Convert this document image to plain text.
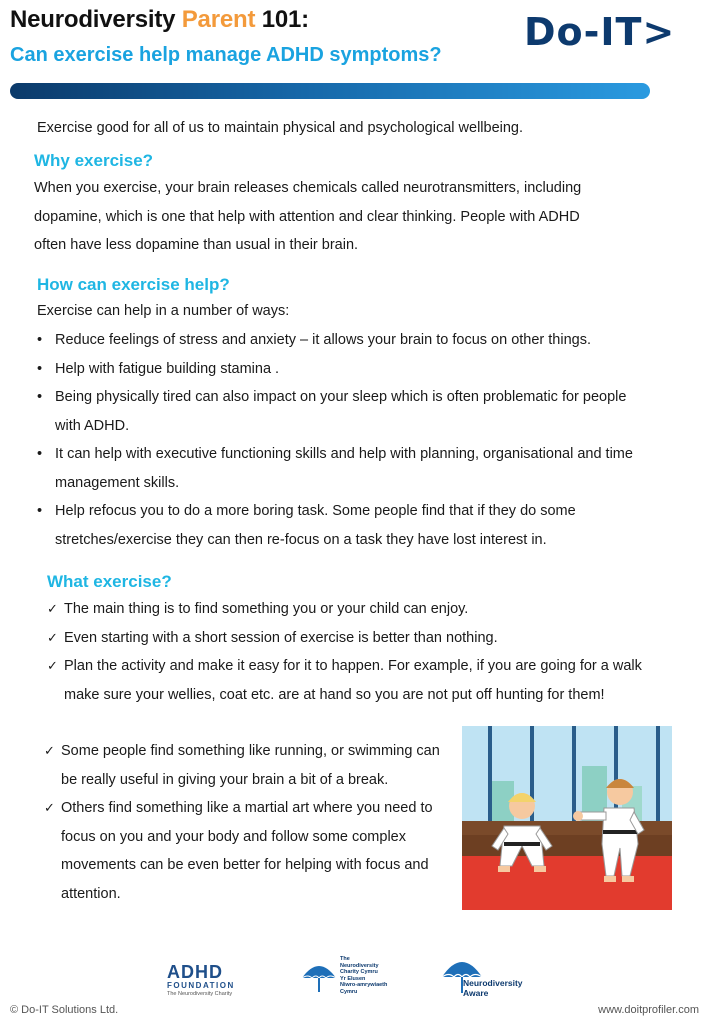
Neurodiversity Parent 101:
Can exercise help manage ADHD symptoms?
Do-IT>
Exercise good for all of us to maintain physical and psychological wellbeing.
Why exercise?
When you exercise, your brain releases chemicals called neurotransmitters, including
dopamine, which is one that help with attention and clear thinking. People with ADHD
often have less dopamine than usual in their brain.
How can exercise help?
Exercise can help in a number of ways:
• Reduce feelings of stress and anxiety – it allows your brain to focus on other things.
• Help with fatigue building stamina .
• Being physically tired can also impact on your sleep which is often problematic for people with ADHD.
• It can help with executive functioning skills and help with planning, organisational and time management skills.
• Help refocus you to do a more boring task. Some people find that if they do some stretches/exercise they can then re-focus on a task they have lost interest in.
What exercise?
✓ The main thing is to find something you or your child can enjoy.
✓ Even starting with a short session of exercise is better than nothing.
✓ Plan the activity and make it easy for it to happen. For example, if you are going for a walk make sure your wellies, coat etc. are at hand so you are not put off hunting for them!
✓ Some people find something like running, or swimming can be really useful in giving your brain a bit of a break.
✓ Others find something like a martial art where you need to focus on you and your body and follow some complex movements can be even better for helping with focus and attention.
ADHD
FOUNDATION
The Neurodiversity Charity
The
Neurodiversity
Charity Cymru
Yr Elusen
Niwro-amrywiaeth
Cymru
Neurodiversity
Aware
© Do-IT Solutions Ltd.	www.doitprofiler.com
